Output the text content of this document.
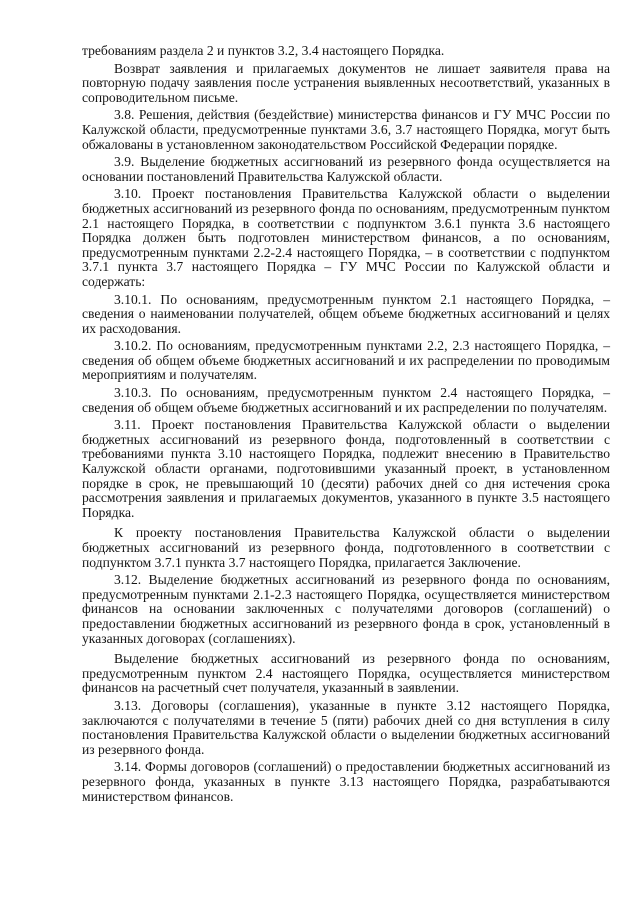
требованиям раздела 2 и пунктов 3.2, 3.4 настоящего Порядка.

Возврат заявления и прилагаемых документов не лишает заявителя права на повторную подачу заявления после устранения выявленных несоответствий, указанных в сопроводительном письме.

3.8. Решения, действия (бездействие) министерства финансов и ГУ МЧС России по Калужской области, предусмотренные пунктами 3.6, 3.7 настоящего Порядка, могут быть обжалованы в установленном законодательством Российской Федерации порядке.

3.9. Выделение бюджетных ассигнований из резервного фонда осуществляется на основании постановлений Правительства Калужской области.

3.10. Проект постановления Правительства Калужской области о выделении бюджетных ассигнований из резервного фонда по основаниям, предусмотренным пунктом 2.1 настоящего Порядка, в соответствии с подпунктом 3.6.1 пункта 3.6 настоящего Порядка должен быть подготовлен министерством финансов, а по основаниям, предусмотренным пунктами 2.2-2.4 настоящего Порядка, – в соответствии с подпунктом 3.7.1 пункта 3.7 настоящего Порядка – ГУ МЧС России по Калужской области и содержать:

3.10.1. По основаниям, предусмотренным пунктом 2.1 настоящего Порядка, – сведения о наименовании получателей, общем объеме бюджетных ассигнований и целях их расходования.

3.10.2. По основаниям, предусмотренным пунктами 2.2, 2.3 настоящего Порядка, – сведения об общем объеме бюджетных ассигнований и их распределении по проводимым мероприятиям и получателям.

3.10.3. По основаниям, предусмотренным пунктом 2.4 настоящего Порядка, – сведения об общем объеме бюджетных ассигнований и их распределении по получателям.

3.11. Проект постановления Правительства Калужской области о выделении бюджетных ассигнований из резервного фонда, подготовленный в соответствии с требованиями пункта 3.10 настоящего Порядка, подлежит внесению в Правительство Калужской области органами, подготовившими указанный проект, в установленном порядке в срок, не превышающий 10 (десяти) рабочих дней со дня истечения срока рассмотрения заявления и прилагаемых документов, указанного в пункте 3.5 настоящего Порядка.

К проекту постановления Правительства Калужской области о выделении бюджетных ассигнований из резервного фонда, подготовленного в соответствии с подпунктом 3.7.1 пункта 3.7 настоящего Порядка, прилагается Заключение.

3.12. Выделение бюджетных ассигнований из резервного фонда по основаниям, предусмотренным пунктами 2.1-2.3 настоящего Порядка, осуществляется министерством финансов на основании заключенных с получателями договоров (соглашений) о предоставлении бюджетных ассигнований из резервного фонда в срок, установленный в указанных договорах (соглашениях).

Выделение бюджетных ассигнований из резервного фонда по основаниям, предусмотренным пунктом 2.4 настоящего Порядка, осуществляется министерством финансов на расчетный счет получателя, указанный в заявлении.

3.13. Договоры (соглашения), указанные в пункте 3.12 настоящего Порядка, заключаются с получателями в течение 5 (пяти) рабочих дней со дня вступления в силу постановления Правительства Калужской области о выделении бюджетных ассигнований из резервного фонда.

3.14. Формы договоров (соглашений) о предоставлении бюджетных ассигнований из резервного фонда, указанных в пункте 3.13 настоящего Порядка, разрабатываются министерством финансов.
